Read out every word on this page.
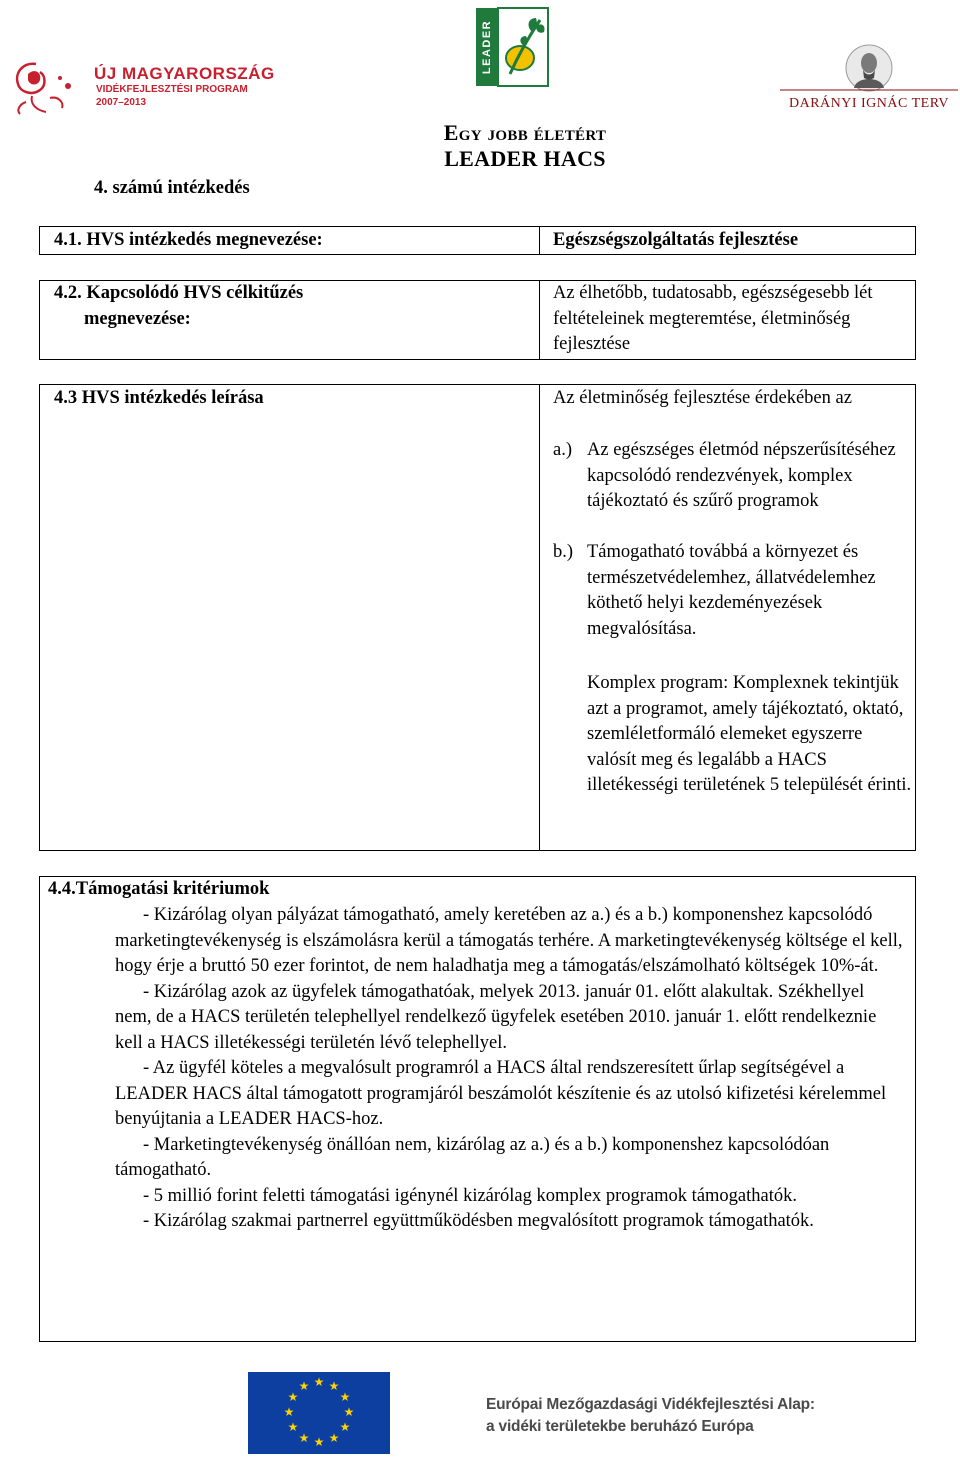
ÚJ MAGYARORSZÁG
VIDÉKFEJLESZTÉSI PROGRAM
2007–2013
LEADER
DARÁNYI IGNÁC TERV
Egy jobb életért
LEADER HACS
4. számú intézkedés
4.1. HVS intézkedés megnevezése:	Egészségszolgáltatás fejlesztése
4.2. Kapcsolódó HVS célkitűzés
megnevezése:
Az élhetőbb, tudatosabb, egészségesebb lét feltételeinek megteremtése, életminőség fejlesztése
4.3 HVS intézkedés leírása	Az életminőség fejlesztése érdekében az
a.) Az egészséges életmód népszerűsítéséhez kapcsolódó rendezvények, komplex tájékoztató és szűrő programok
b.) Támogatható továbbá a környezet és természetvédelemhez, állatvédelemhez köthető helyi kezdeményezések megvalósítása.
Komplex program: Komplexnek tekintjük azt a programot, amely tájékoztató, oktató, szemléletformáló elemeket egyszerre valósít meg és legalább a HACS illetékességi területének 5 települését érinti.
4.4.Támogatási kritériumok

- Kizárólag olyan pályázat támogatható, amely keretében az a.) és a b.) komponenshez kapcsolódó marketingtevékenység is elszámolásra kerül a támogatás terhére. A marketingtevékenység költsége el kell, hogy érje a bruttó 50 ezer forintot, de nem haladhatja meg a támogatás/elszámolható költségek 10%-át.

- Kizárólag azok az ügyfelek támogathatóak, melyek 2013. január 01. előtt alakultak. Székhellyel nem, de a HACS területén telephellyel rendelkező ügyfelek esetében 2010. január 1. előtt rendelkeznie kell a HACS illetékességi területén lévő telephellyel.

- Az ügyfél köteles a megvalósult programról a HACS által rendszeresített űrlap segítségével a LEADER HACS által támogatott programjáról beszámolót készítenie és az utolsó kifizetési kérelemmel benyújtania a LEADER HACS-hoz.

- Marketingtevékenység önállóan nem, kizárólag az a.) és a b.) komponenshez kapcsolódóan támogatható.

- 5 millió forint feletti támogatási igénynél kizárólag komplex programok támogathatók.

- Kizárólag szakmai partnerrel együttműködésben megvalósított programok támogathatók.

★ ★
★
★
★
★
★
★
★
★
★
★
Európai Mezőgazdasági Vidékfejlesztési Alap:
a vidéki területekbe beruházó Európa
